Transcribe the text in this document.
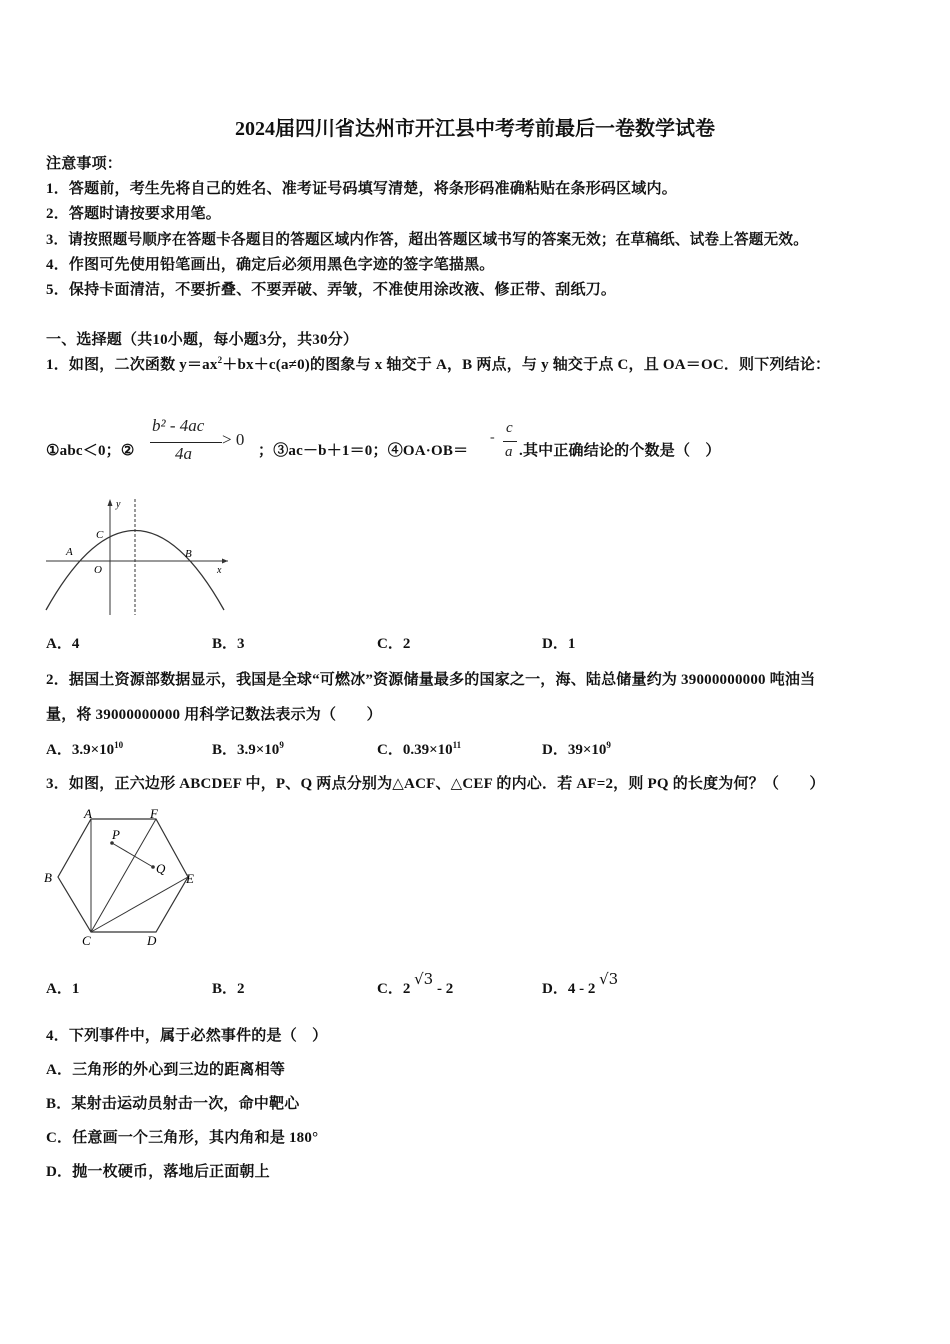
2024届四川省达州市开江县中考考前最后一卷数学试卷
注意事项：
1．答题前，考生先将自己的姓名、准考证号码填写清楚，将条形码准确粘贴在条形码区域内。
2．答题时请按要求用笔。
3．请按照题号顺序在答题卡各题目的答题区域内作答，超出答题区域书写的答案无效；在草稿纸、试卷上答题无效。
4．作图可先使用铅笔画出，确定后必须用黑色字迹的签字笔描黑。
5．保持卡面清洁，不要折叠、不要弄破、弄皱，不准使用涂改液、修正带、刮纸刀。
一、选择题（共10小题，每小题3分，共30分）
1．如图，二次函数 $y=ax^2+bx+c(a\ne 0)$的图象与 x 轴交于 A，B 两点，与 y 轴交于点 C，且 OA＝OC．则下列结论：
①abc＜0；②
b² - 4ac
4a
> 0
；③ac－b＋1＝0；④OA·OB＝
-
c
a .其中正确结论的个数是（　）
y
x
A	B
C
O
A．4	B．3	C．2	D．1
2．据国土资源部数据显示，我国是全球“可燃冰”资源储量最多的国家之一，海、陆总储量约为 39000000000 吨油当
量，将 39000000000 用科学记数法表示为（　　）
A．$3.9\times 10^{10}$	B．$3.9\times 10^9$	C．$0.39\times 10^{11}$	D．$39\times 10^9$
3．如图，正六边形 ABCDEF 中，P、Q 两点分别为△ACF、△CEF 的内心．若 AF=2，则 PQ 的长度为何？（　　）
A	F
B	E
C	D
P
Q
A．1	B．2	C．2 √3 - 2	D．4 - 2 √3
4．下列事件中，属于必然事件的是（　）
A．三角形的外心到三边的距离相等
B．某射击运动员射击一次，命中靶心
C．任意画一个三角形，其内角和是 180°
D．抛一枚硬币，落地后正面朝上
